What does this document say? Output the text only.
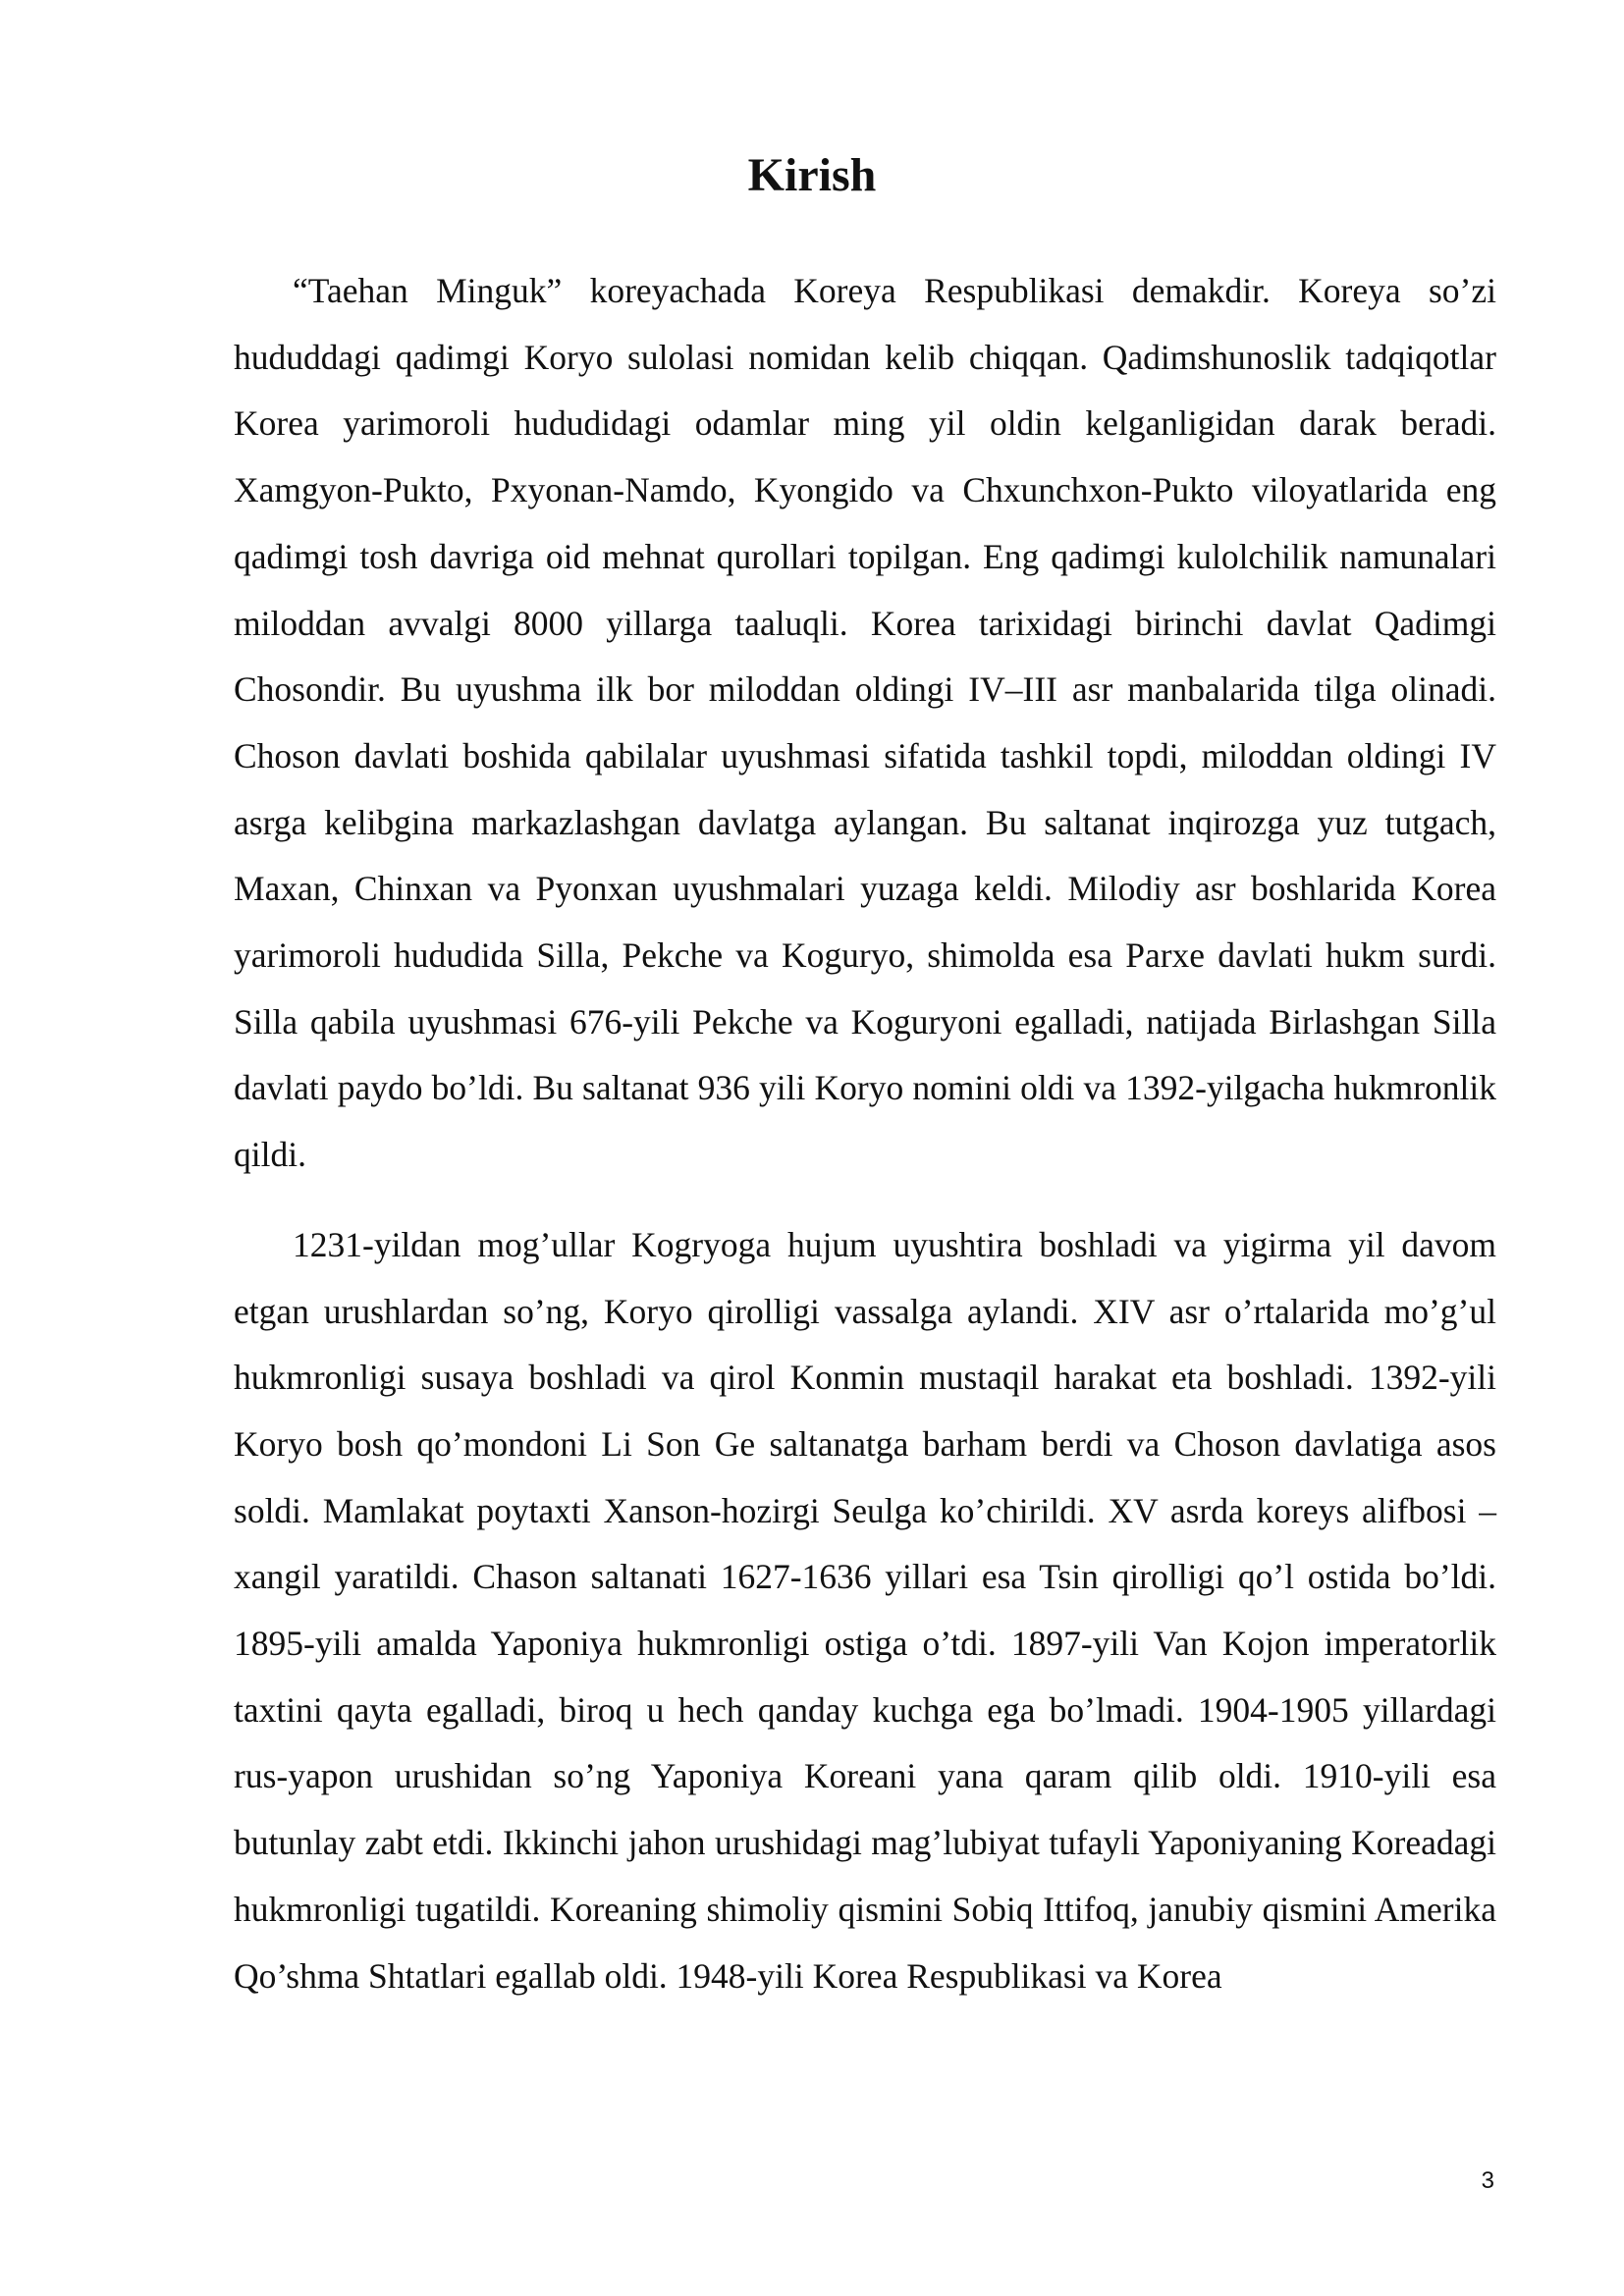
Kirish

“Taehan Minguk” koreyachada Koreya Respublikasi demakdir. Koreya so’zi hududdagi qadimgi Koryo sulolasi nomidan kelib chiqqan. Qadimshunoslik tadqiqotlar Korea yarimoroli hududidagi odamlar ming yil oldin kelganligidan darak beradi. Xamgyon-Pukto, Pxyonan-Namdo, Kyongido va Chxunchxon-Pukto viloyatlarida eng qadimgi tosh davriga oid mehnat qurollari topilgan. Eng qadimgi kulolchilik namunalari miloddan avvalgi 8000 yillarga taaluqli. Korea tarixidagi birinchi davlat Qadimgi Chosondir. Bu uyushma ilk bor miloddan oldingi IV–III asr manbalarida tilga olinadi. Choson davlati boshida qabilalar uyushmasi sifatida tashkil topdi, miloddan oldingi IV asrga kelibgina markazlashgan davlatga aylangan. Bu saltanat inqirozga yuz tutgach, Maxan, Chinxan va Pyonxan uyushmalari yuzaga keldi. Milodiy asr boshlarida Korea yarimoroli hududida Silla, Pekche va Koguryo, shimolda esa Parxe davlati hukm surdi. Silla qabila uyushmasi 676-yili Pekche va Koguryoni egalladi, natijada Birlashgan Silla davlati paydo bo’ldi. Bu saltanat 936 yili Koryo nomini oldi va 1392-yilgacha hukmronlik qildi.

1231-yildan mog’ullar Kogryoga hujum uyushtira boshladi va yigirma yil davom etgan urushlardan so’ng, Koryo qirolligi vassalga aylandi. XIV asr o’rtalarida mo’g’ul hukmronligi susaya boshladi va qirol Konmin mustaqil harakat eta boshladi. 1392-yili Koryo bosh qo’mondoni Li Son Ge saltanatga barham berdi va Choson davlatiga asos soldi. Mamlakat poytaxti Xanson-hozirgi Seulga ko’chirildi. XV asrda koreys alifbosi – xangil yaratildi. Chason saltanati 1627-1636 yillari esa Tsin qirolligi qo’l ostida bo’ldi. 1895-yili amalda Yaponiya hukmronligi ostiga o’tdi. 1897-yili Van Kojon imperatorlik taxtini qayta egalladi, biroq u hech qanday kuchga ega bo’lmadi. 1904-1905 yillardagi rus-yapon urushidan so’ng Yaponiya Koreani yana qaram qilib oldi. 1910-yili esa butunlay zabt etdi. Ikkinchi jahon urushidagi mag’lubiyat tufayli Yaponiyaning Koreadagi hukmronligi tugatildi. Koreaning shimoliy qismini Sobiq Ittifoq, janubiy qismini Amerika Qo’shma Shtatlari egallab oldi. 1948-yili Korea Respublikasi va Korea

3
